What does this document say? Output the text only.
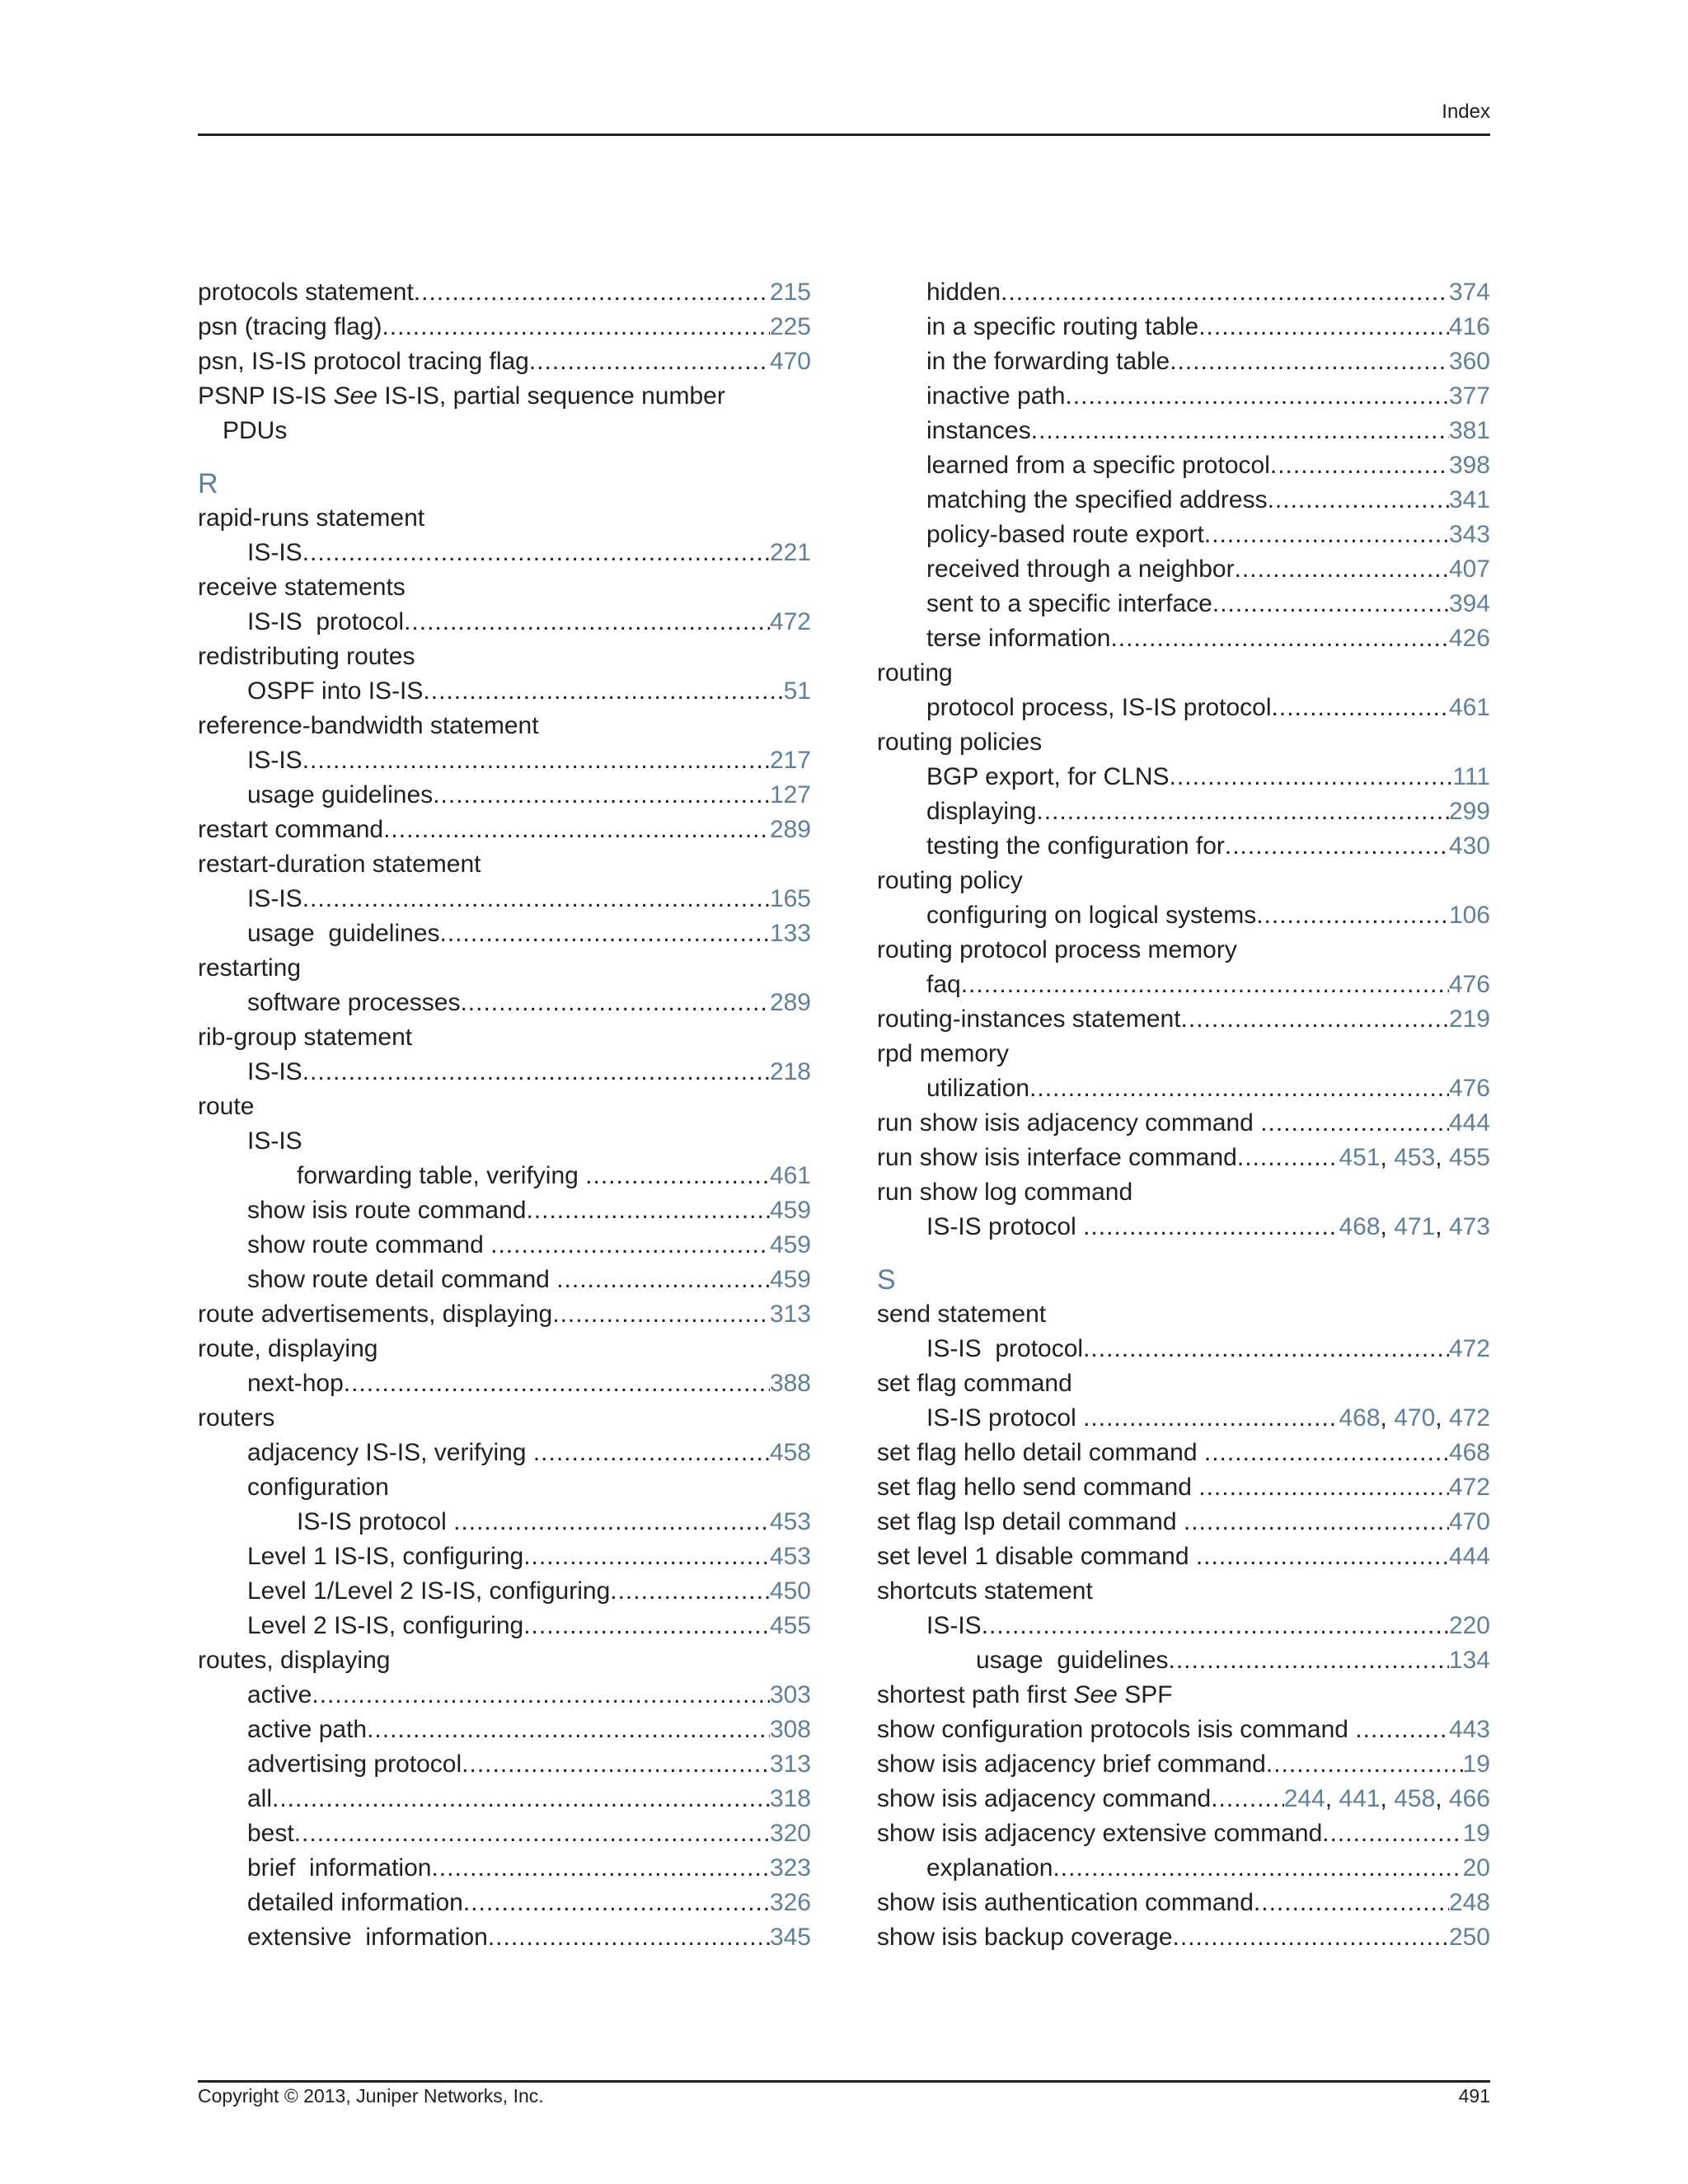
Index
protocols statement .....	215
psn (tracing flag) .....	225
psn, IS-IS protocol tracing flag .....	470
PSNP IS-IS See IS-IS, partial sequence number
PDUs
R
rapid-runs statement
IS-IS .....	221
receive statements
IS-IS  protocol .....	472
redistributing routes
OSPF into IS-IS .....	51
reference-bandwidth statement
IS-IS .....	217
usage guidelines .....	127
restart command .....	289
restart-duration statement
IS-IS .....	165
usage  guidelines .....	133
restarting
software processes .....	289
rib-group statement
IS-IS .....	218
route
IS-IS
forwarding table, verifying .....	461
show isis route command .....	459
show route command .....	459
show route detail command .....	459
route advertisements, displaying .....	313
route, displaying
next-hop .....	388
routers
adjacency IS-IS, verifying .....	458
configuration
IS-IS protocol .....	453
Level 1 IS-IS, configuring .....	453
Level 1/Level 2 IS-IS, configuring .....	450
Level 2 IS-IS, configuring .....	455
routes, displaying
active .....	303
active path .....	308
advertising protocol .....	313
all .....	318
best .....	320
brief  information .....	323
detailed information .....	326
extensive  information .....	345
hidden .....	374
in a specific routing table .....	416
in the forwarding table .....	360
inactive path .....	377
instances .....	381
learned from a specific protocol .....	398
matching the specified address .....	341
policy-based route export .....	343
received through a neighbor .....	407
sent to a specific interface .....	394
terse information .....	426
routing
protocol process, IS-IS protocol .....	461
routing policies
BGP export, for CLNS .....	111
displaying .....	299
testing the configuration for .....	430
routing policy
configuring on logical systems .....	106
routing protocol process memory
faq .....	476
routing-instances statement .....	219
rpd memory
utilization .....	476
run show isis adjacency command .....	444
run show isis interface command .....	451, 453, 455
run show log command
IS-IS protocol .....	468, 471, 473
S
send statement
IS-IS  protocol .....	472
set flag command
IS-IS protocol .....	468, 470, 472
set flag hello detail command .....	468
set flag hello send command .....	472
set flag lsp detail command .....	470
set level 1 disable command .....	444
shortcuts statement
IS-IS .....	220
usage  guidelines .....	134
shortest path first See SPF
show configuration protocols isis command .....	443
show isis adjacency brief command .....	19
show isis adjacency command .....	244, 441, 458, 466
show isis adjacency extensive command .....	19
explanation .....	20
show isis authentication command .....	248
show isis backup coverage .....	250
Copyright © 2013, Juniper Networks, Inc.	491
